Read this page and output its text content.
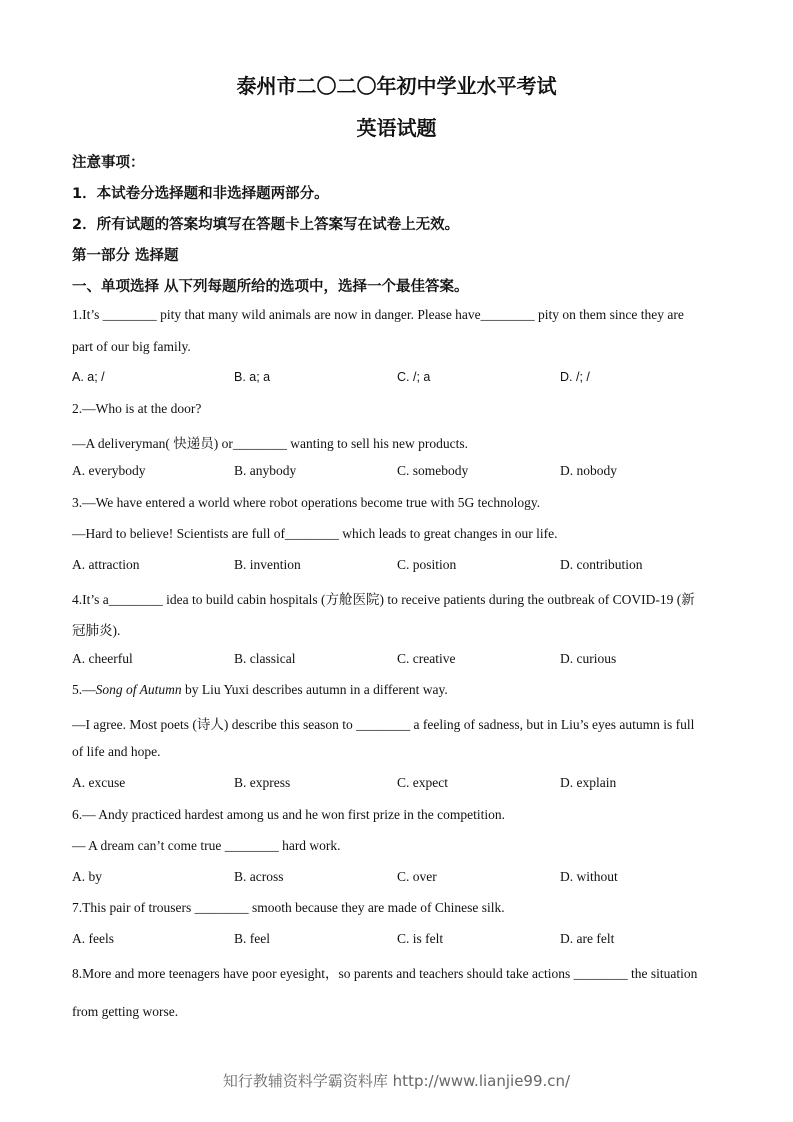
泰州市二〇二〇年初中学业水平考试
英语试题
注意事项：
1．本试卷分选择题和非选择题两部分。
2．所有试题的答案均填写在答题卡上答案写在试卷上无效。
第一部分 选择题
一、单项选择 从下列每题所给的选项中，选择一个最佳答案。
1.It’s ________ pity that many wild animals are now in danger. Please have________ pity on them since they are
part of our big family.
A. a; /	B. a; a	C. /; a	D. /; /
2.—Who is at the door?
—A deliveryman( 快递员) or________ wanting to sell his new products.
A. everybody	B. anybody	C. somebody	D. nobody
3.—We have entered a world where robot operations become true with 5G technology.
—Hard to believe! Scientists are full of________ which leads to great changes in our life.
A. attraction	B. invention	C. position	D. contribution
4.It’s a________ idea to build cabin hospitals (方舱医院) to receive patients during the outbreak of COVID-19 (新
冠肺炎).
A. cheerful	B. classical	C. creative	D. curious
5.—Song of Autumn by Liu Yuxi describes autumn in a different way.
—I agree. Most poets (诗人) describe this season to ________ a feeling of sadness, but in Liu’s eyes autumn is full
of life and hope.
A. excuse	B. express	C. expect	D. explain
6.— Andy practiced hardest among us and he won first prize in the competition.
— A dream can’t come true ________ hard work.
A. by	B. across	C. over	D. without
7.This pair of trousers ________ smooth because they are made of Chinese silk.
A. feels	B. feel	C. is felt	D. are felt
8.More and more teenagers have poor eyesight，so parents and teachers should take actions ________ the situation
from getting worse.
知行教辅资料学霸资料库 http://www.lianjie99.cn/
